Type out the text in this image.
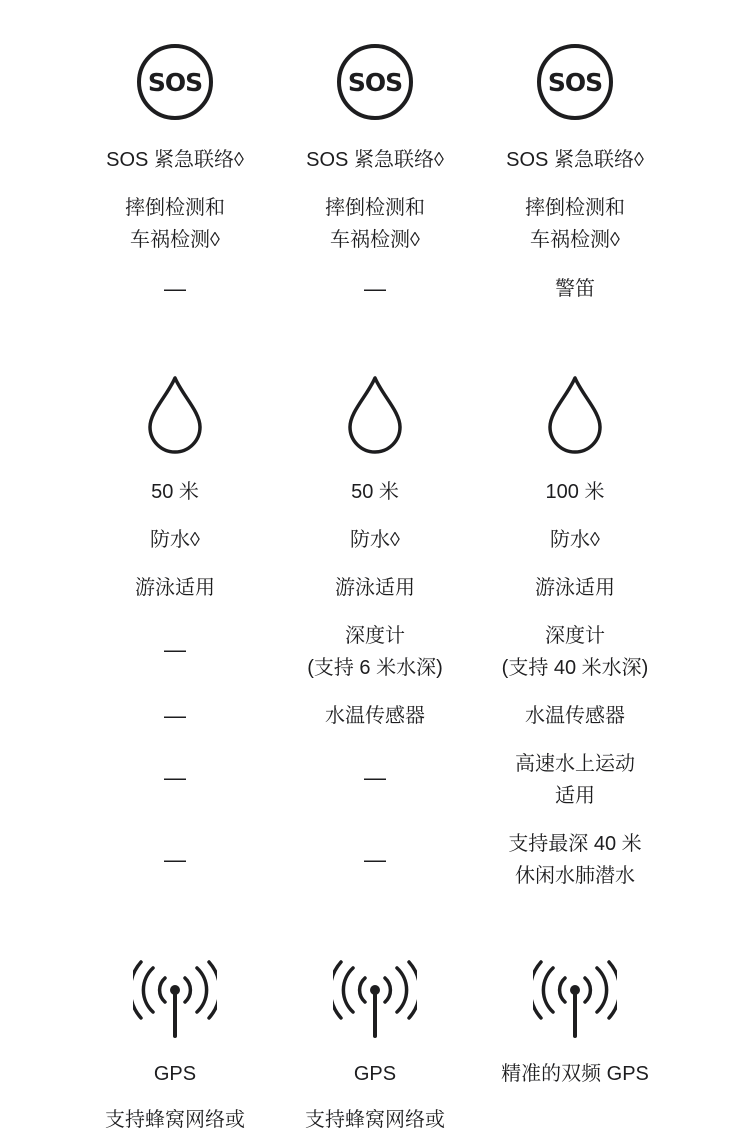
SOS
SOS 紧急联络◊
摔倒检测和
车祸检测◊
—
50 米
防水◊
游泳适用
—
—
—
—
GPS
支持蜂窝网络或
SOS
SOS 紧急联络◊
摔倒检测和
车祸检测◊
—
50 米
防水◊
游泳适用
深度计
(支持 6 米水深)
水温传感器
—
—
GPS
支持蜂窝网络或
SOS
SOS 紧急联络◊
摔倒检测和
车祸检测◊
警笛
100 米
防水◊
游泳适用
深度计
(支持 40 米水深)
水温传感器
高速水上运动
适用
支持最深 40 米
休闲水肺潜水
精准的双频 GPS
